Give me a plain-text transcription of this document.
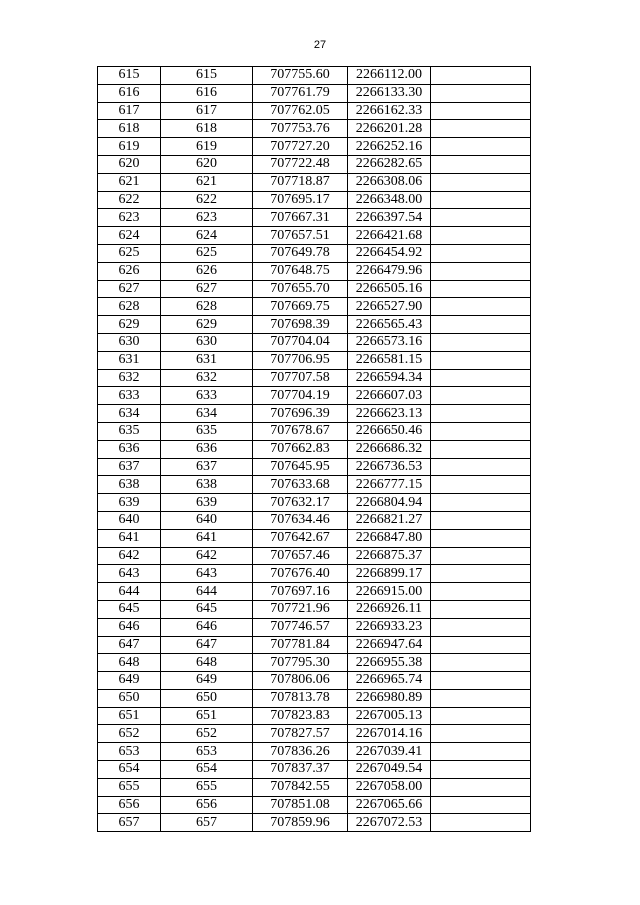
27
615	615	707755.60	2266112.00	
616	616	707761.79	2266133.30	
617	617	707762.05	2266162.33	
618	618	707753.76	2266201.28	
619	619	707727.20	2266252.16	
620	620	707722.48	2266282.65	
621	621	707718.87	2266308.06	
622	622	707695.17	2266348.00	
623	623	707667.31	2266397.54	
624	624	707657.51	2266421.68	
625	625	707649.78	2266454.92	
626	626	707648.75	2266479.96	
627	627	707655.70	2266505.16	
628	628	707669.75	2266527.90	
629	629	707698.39	2266565.43	
630	630	707704.04	2266573.16	
631	631	707706.95	2266581.15	
632	632	707707.58	2266594.34	
633	633	707704.19	2266607.03	
634	634	707696.39	2266623.13	
635	635	707678.67	2266650.46	
636	636	707662.83	2266686.32	
637	637	707645.95	2266736.53	
638	638	707633.68	2266777.15	
639	639	707632.17	2266804.94	
640	640	707634.46	2266821.27	
641	641	707642.67	2266847.80	
642	642	707657.46	2266875.37	
643	643	707676.40	2266899.17	
644	644	707697.16	2266915.00	
645	645	707721.96	2266926.11	
646	646	707746.57	2266933.23	
647	647	707781.84	2266947.64	
648	648	707795.30	2266955.38	
649	649	707806.06	2266965.74	
650	650	707813.78	2266980.89	
651	651	707823.83	2267005.13	
652	652	707827.57	2267014.16	
653	653	707836.26	2267039.41	
654	654	707837.37	2267049.54	
655	655	707842.55	2267058.00	
656	656	707851.08	2267065.66	
657	657	707859.96	2267072.53	
